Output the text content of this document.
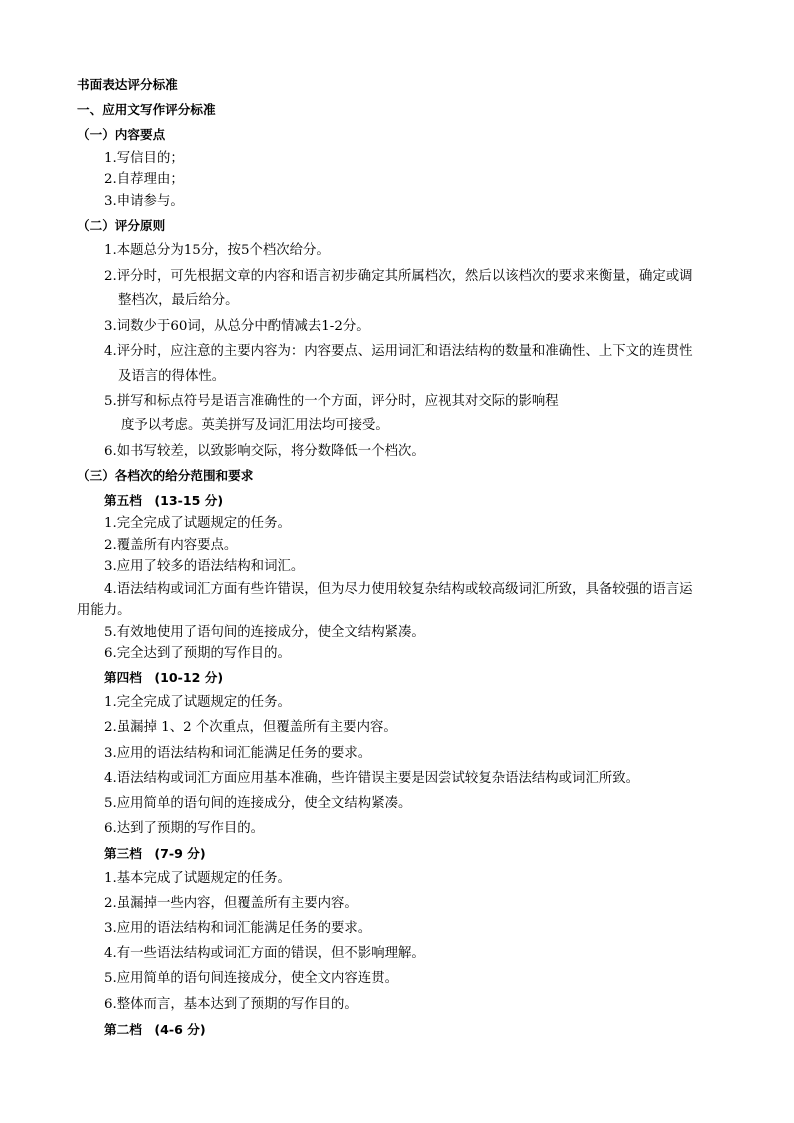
书面表达评分标准
一、应用文写作评分标准
（一）内容要点
1.写信目的；
2.自荐理由；
3.申请参与。
（二）评分原则
1.本题总分为15分，按5个档次给分。
2.评分时，可先根据文章的内容和语言初步确定其所属档次，然后以该档次的要求来衡量，确定或调
整档次，最后给分。
3.词数少于60词，从总分中酌情减去1-2分。
4.评分时，应注意的主要内容为：内容要点、运用词汇和语法结构的数量和准确性、上下文的连贯性
及语言的得体性。
5.拼写和标点符号是语言准确性的一个方面，评分时，应视其对交际的影响程
度予以考虑。英美拼写及词汇用法均可接受。
6.如书写较差，以致影响交际，将分数降低一个档次。
（三）各档次的给分范围和要求
第五档　(13-15 分)
1.完全完成了试题规定的任务。
2.覆盖所有内容要点。
3.应用了较多的语法结构和词汇。
4.语法结构或词汇方面有些许错误，但为尽力使用较复杂结构或较高级词汇所致，具备较强的语言运
用能力。
5.有效地使用了语句间的连接成分，使全文结构紧凑。
6.完全达到了预期的写作目的。
第四档　(10-12 分)
1.完全完成了试题规定的任务。
2.虽漏掉 1、2 个次重点，但覆盖所有主要内容。
3.应用的语法结构和词汇能满足任务的要求。
4.语法结构或词汇方面应用基本准确，些许错误主要是因尝试较复杂语法结构或词汇所致。
5.应用简单的语句间的连接成分，使全文结构紧凑。
6.达到了预期的写作目的。
第三档　(7-9 分)
1.基本完成了试题规定的任务。
2.虽漏掉一些内容，但覆盖所有主要内容。
3.应用的语法结构和词汇能满足任务的要求。
4.有一些语法结构或词汇方面的错误，但不影响理解。
5.应用简单的语句间连接成分，使全文内容连贯。
6.整体而言，基本达到了预期的写作目的。
第二档　(4-6 分)
